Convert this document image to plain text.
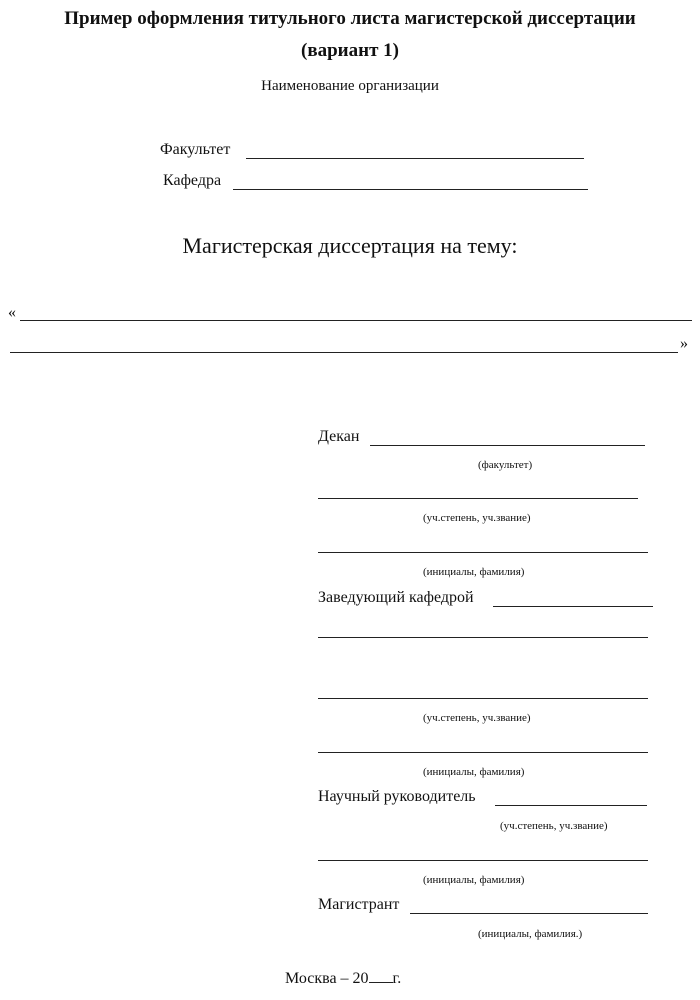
Пример оформления титульного листа магистерской диссертации
(вариант 1)
Наименование организации
Факультет
Кафедра
Магистерская диссертация на тему:
«
»
Декан
(факультет)
(уч.степень, уч.звание)
(инициалы, фамилия)
Заведующий кафедрой
(уч.степень, уч.звание)
(инициалы, фамилия)
Научный руководитель
(уч.степень, уч.звание)
(инициалы, фамилия)
Магистрант
(инициалы, фамилия.)
Москва – 20 г.
